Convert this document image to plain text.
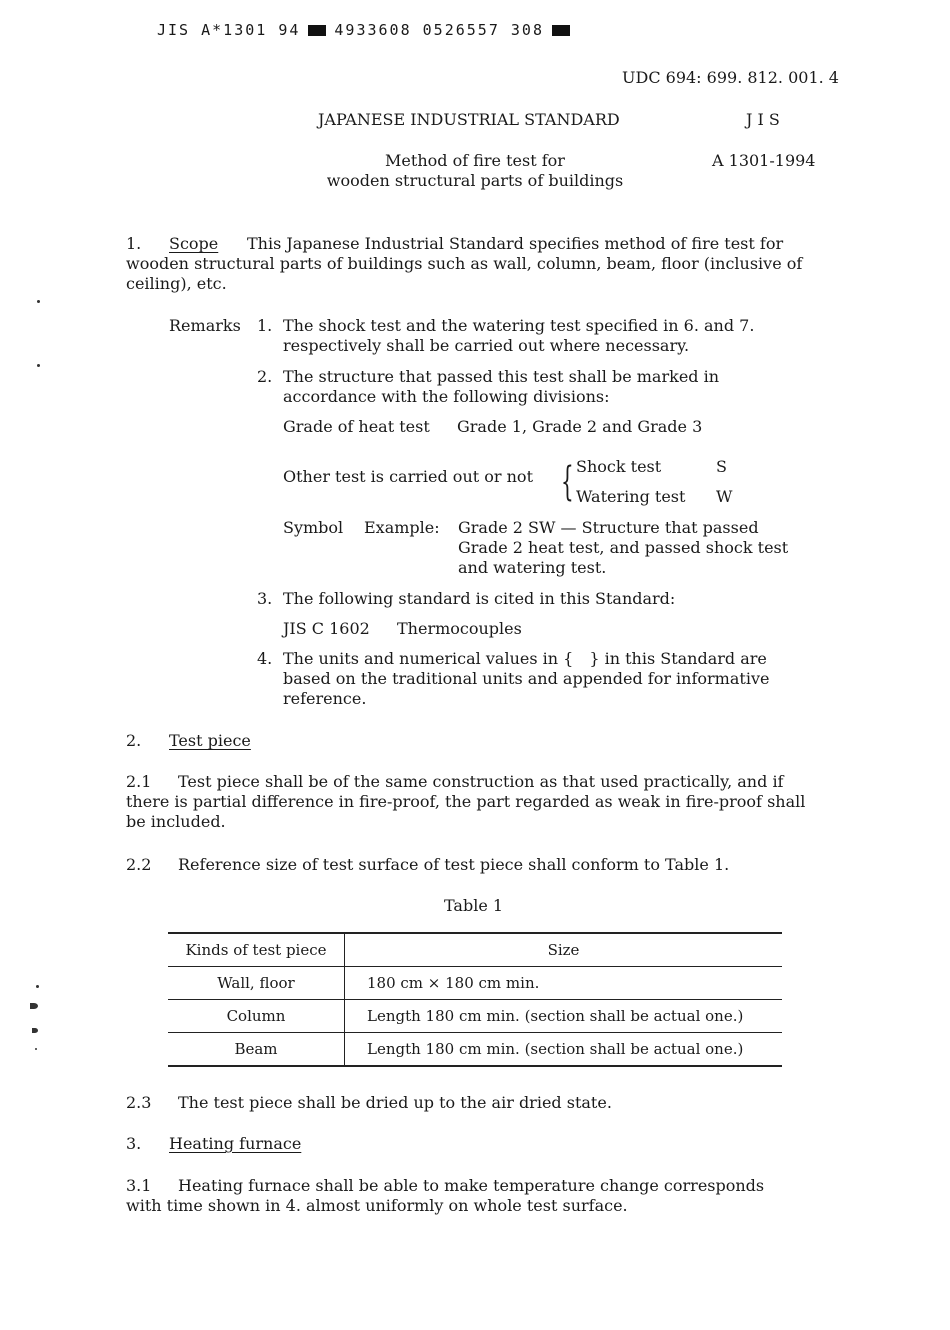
JIS A*1301 94 4933608 0526557 308
UDC 694: 699. 812. 001. 4
JAPANESE INDUSTRIAL STANDARD	J I S
Method of fire test for
wooden structural parts of buildings
A 1301-1994
1. Scope This Japanese Industrial Standard specifies method of fire test for
wooden structural parts of buildings such as wall, column, beam, floor (inclusive of ceiling), etc.
Remarks 1. The shock test and the watering test specified in 6. and 7. respectively shall be carried out where necessary.
2. The structure that passed this test shall be marked in accordance with the following divisions:
Grade of heat test Grade 1, Grade 2 and Grade 3
Other test is carried out or not { Shock test	S
Watering test W
Symbol Example: Grade 2 SW — Structure that passed Grade 2 heat test, and passed shock test and watering test.
3. The following standard is cited in this Standard:
JIS C 1602 Thermocouples
4. The units and numerical values in { } in this Standard are based on the traditional units and appended for informative reference.
2. Test piece
2.1 Test piece shall be of the same construction as that used practically, and if
there is partial difference in fire-proof, the part regarded as weak in fire-proof shall be included.
2.2 Reference size of test surface of test piece shall conform to Table 1.
Table 1
Kinds of test piece	Size
Wall, floor	180 cm × 180 cm min.
Column	Length 180 cm min. (section shall be actual one.)
Beam	Length 180 cm min. (section shall be actual one.)
2.3 The test piece shall be dried up to the air dried state.
3. Heating furnace
3.1 Heating furnace shall be able to make temperature change corresponds
with time shown in 4. almost uniformly on whole test surface.
